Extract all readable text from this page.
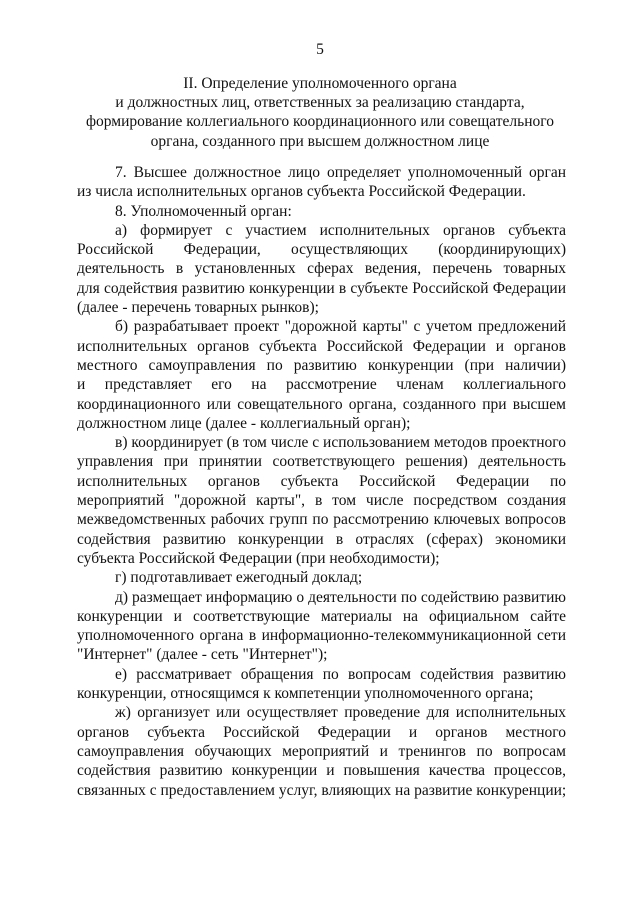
5
II. Определение уполномоченного органа
и должностных лиц, ответственных за реализацию стандарта,
формирование коллегиального координационного или совещательного
органа, созданного при высшем должностном лице
7. Высшее должностное лицо определяет уполномоченный орган
из числа исполнительных органов субъекта Российской Федерации.
8. Уполномоченный орган:
а) формирует с участием исполнительных органов субъекта
Российской Федерации, осуществляющих (координирующих)
деятельность в установленных сферах ведения, перечень товарных
для содействия развитию конкуренции в субъекте Российской Федерации
(далее - перечень товарных рынков);
б) разрабатывает проект "дорожной карты" с учетом предложений
исполнительных органов субъекта Российской Федерации и органов
местного самоуправления по развитию конкуренции (при наличии)
и представляет его на рассмотрение членам коллегиального
координационного или совещательного органа, созданного при высшем
должностном лице (далее - коллегиальный орган);
в) координирует (в том числе с использованием методов проектного
управления при принятии соответствующего решения) деятельность
исполнительных органов субъекта Российской Федерации по
мероприятий "дорожной карты", в том числе посредством создания
межведомственных рабочих групп по рассмотрению ключевых вопросов
содействия развитию конкуренции в отраслях (сферах) экономики
субъекта Российской Федерации (при необходимости);
г) подготавливает ежегодный доклад;
д) размещает информацию о деятельности по содействию развитию
конкуренции и соответствующие материалы на официальном сайте
уполномоченного органа в информационно-телекоммуникационной сети
"Интернет" (далее - сеть "Интернет");
е) рассматривает обращения по вопросам содействия развитию
конкуренции, относящимся к компетенции уполномоченного органа;
ж) организует или осуществляет проведение для исполнительных
органов субъекта Российской Федерации и органов местного
самоуправления обучающих мероприятий и тренингов по вопросам
содействия развитию конкуренции и повышения качества процессов,
связанных с предоставлением услуг, влияющих на развитие конкуренции;
